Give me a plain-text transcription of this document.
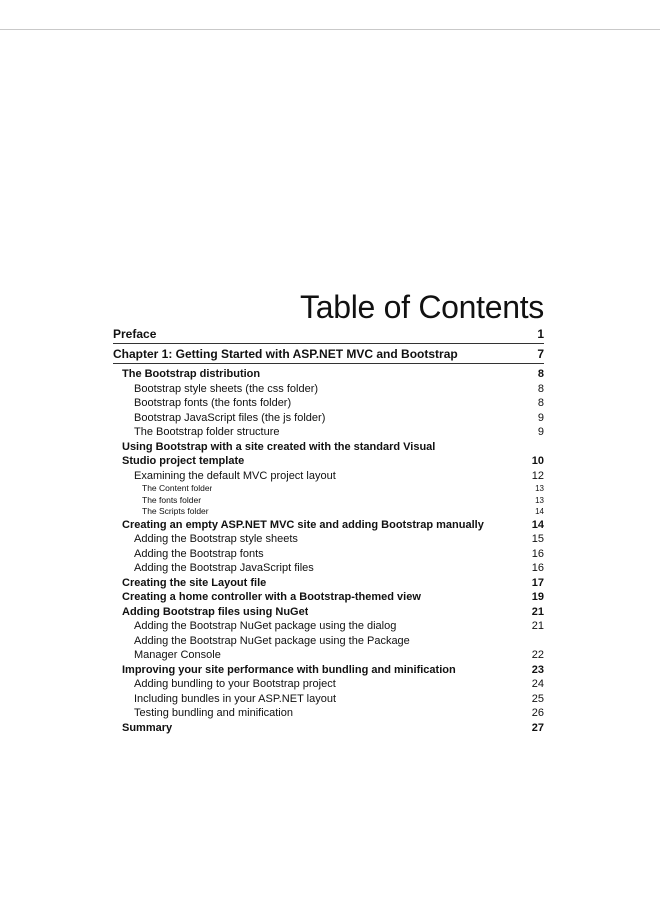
Table of Contents
Preface	1
Chapter 1: Getting Started with ASP.NET MVC and Bootstrap	7
The Bootstrap distribution	8
Bootstrap style sheets (the css folder)	8
Bootstrap fonts (the fonts folder)	8
Bootstrap JavaScript files (the js folder)	9
The Bootstrap folder structure	9
Using Bootstrap with a site created with the standard Visual
Studio project template	10
Examining the default MVC project layout	12
The Content folder	13
The fonts folder	13
The Scripts folder	14
Creating an empty ASP.NET MVC site and adding Bootstrap manually	14
Adding the Bootstrap style sheets	15
Adding the Bootstrap fonts	16
Adding the Bootstrap JavaScript files	16
Creating the site Layout file	17
Creating a home controller with a Bootstrap-themed view	19
Adding Bootstrap files using NuGet	21
Adding the Bootstrap NuGet package using the dialog	21
Adding the Bootstrap NuGet package using the Package
Manager Console	22
Improving your site performance with bundling and minification	23
Adding bundling to your Bootstrap project	24
Including bundles in your ASP.NET layout	25
Testing bundling and minification	26
Summary	27
